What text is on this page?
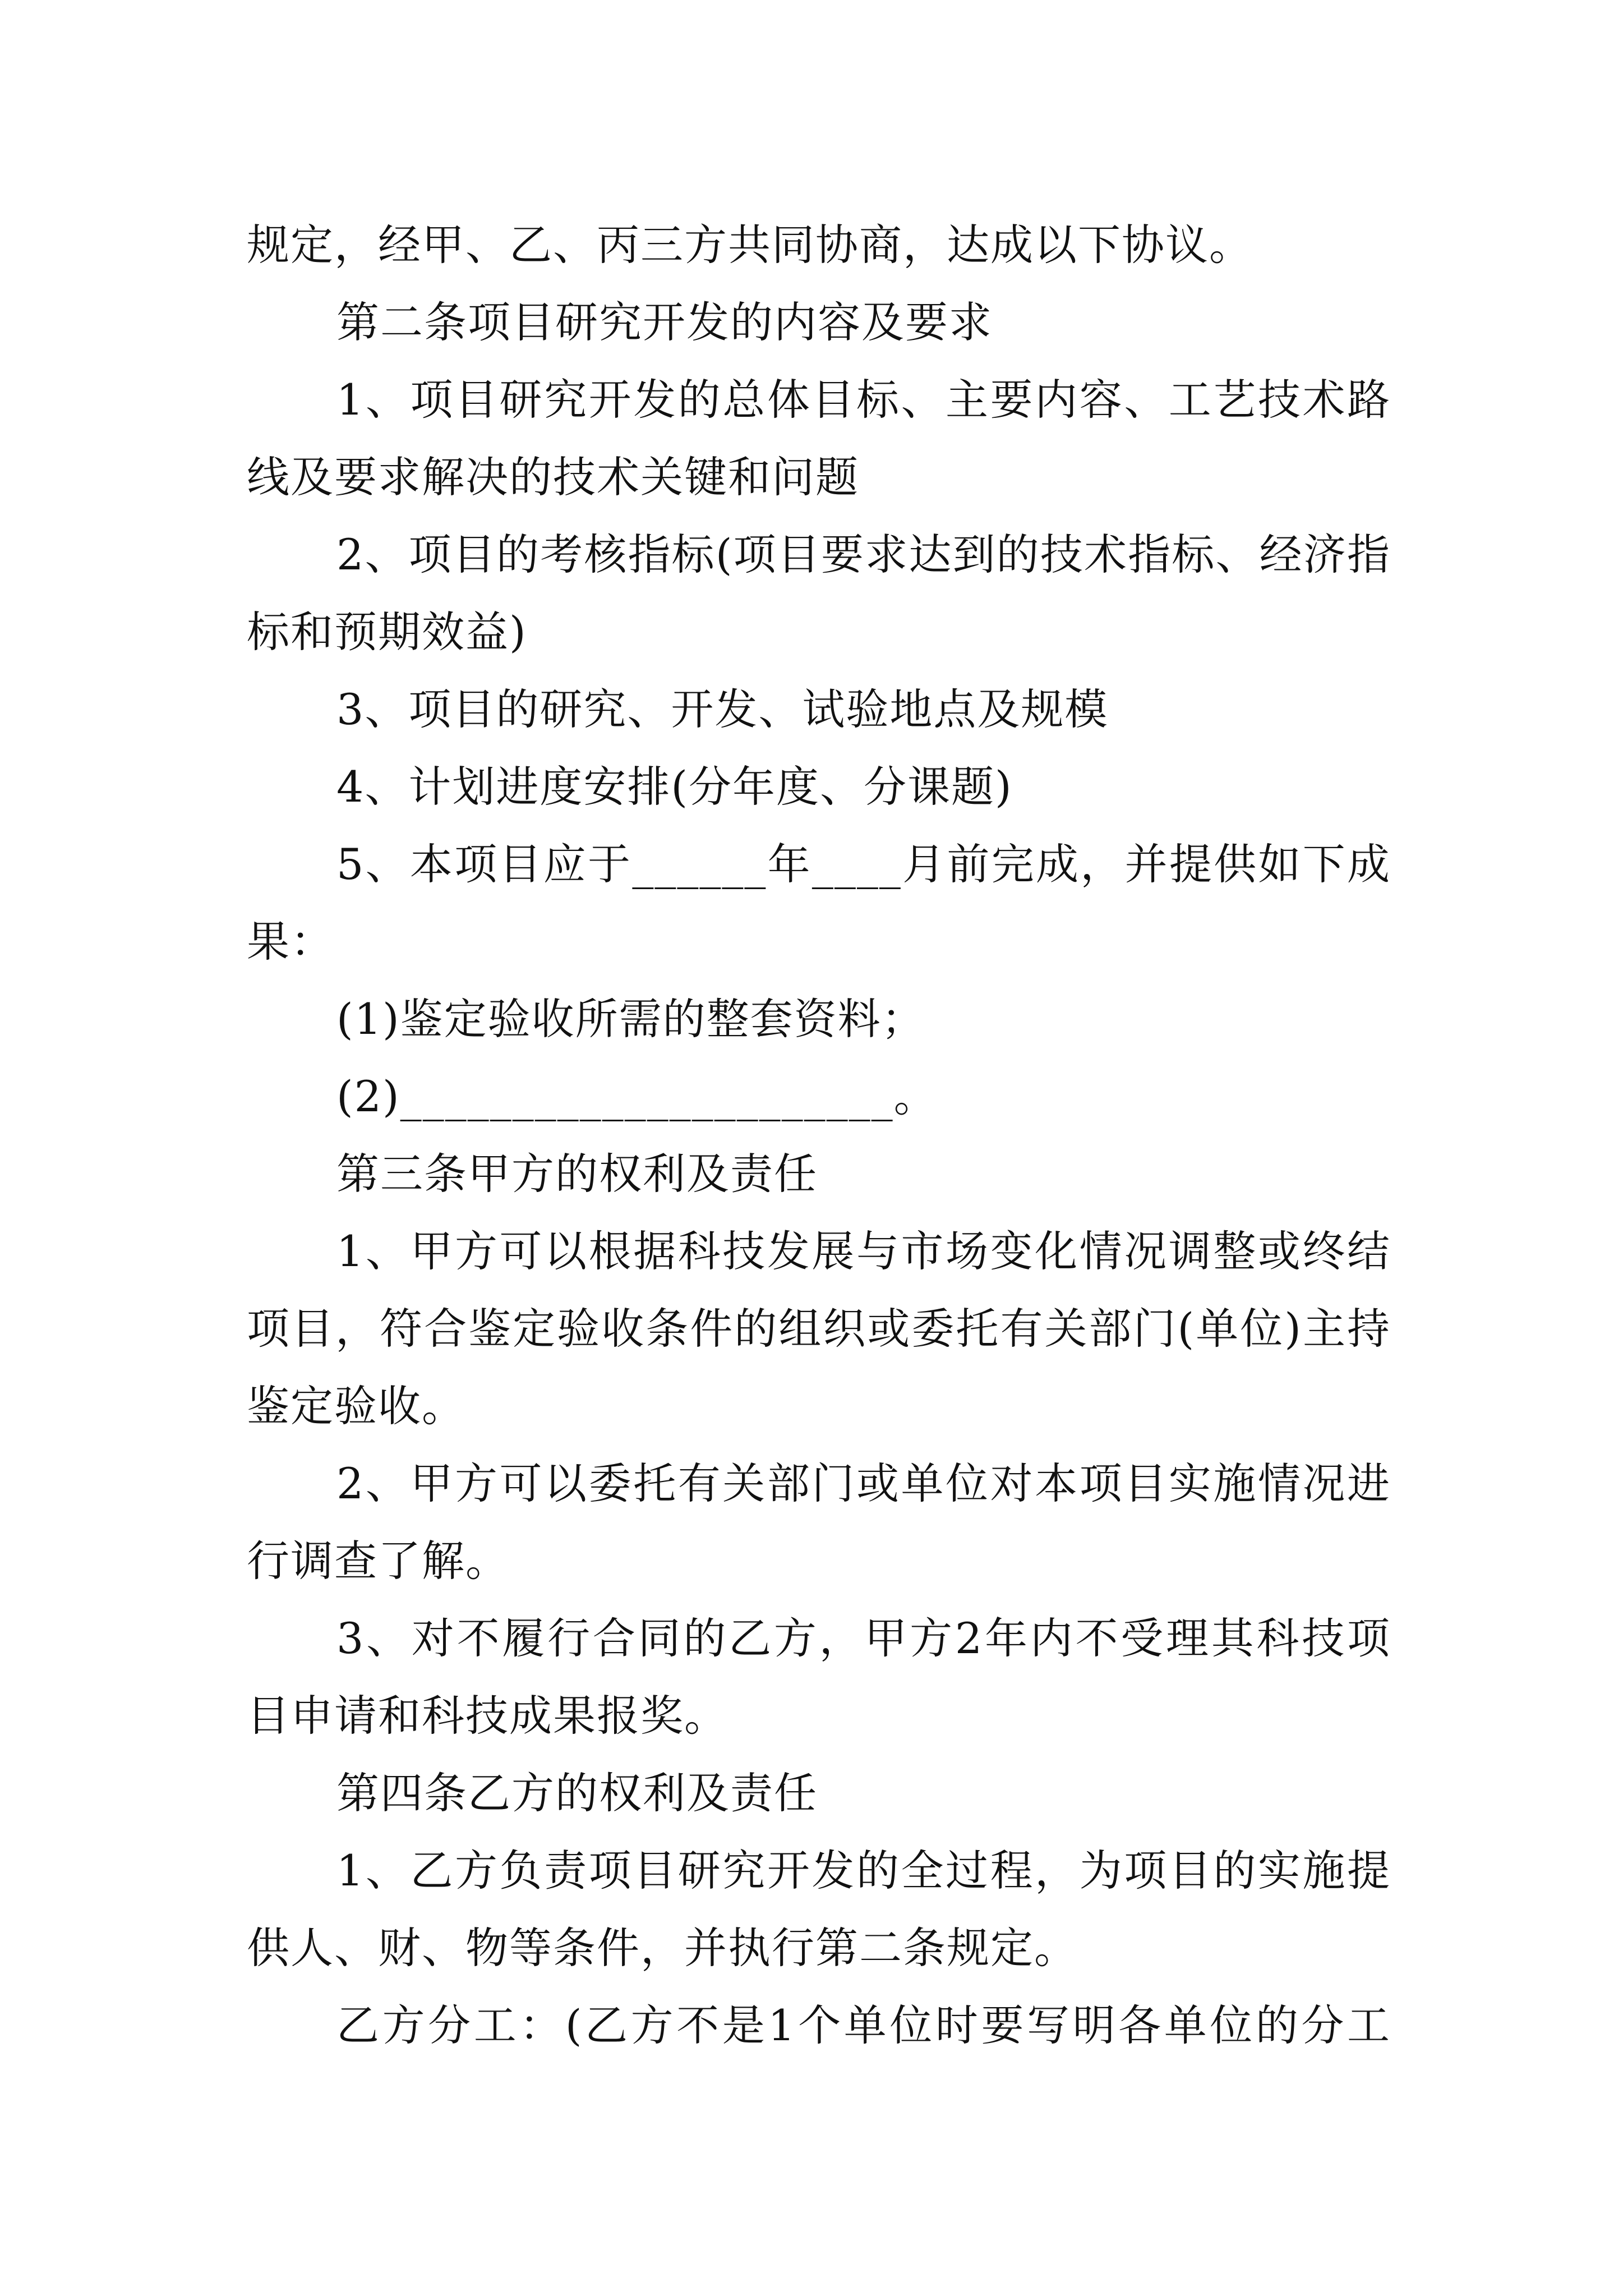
规定，经甲、乙、丙三方共同协商，达成以下协议。
第二条项目研究开发的内容及要求
1、项目研究开发的总体目标、主要内容、工艺技术路
线及要求解决的技术关键和问题
2、项目的考核指标(项目要求达到的技术指标、经济指
标和预期效益)
3、项目的研究、开发、试验地点及规模
4、计划进度安排(分年度、分课题)
5、本项目应于______年____月前完成，并提供如下成
果：
(1)鉴定验收所需的整套资料；
(2)______________________。
第三条甲方的权利及责任
1、甲方可以根据科技发展与市场变化情况调整或终结
项目，符合鉴定验收条件的组织或委托有关部门(单位)主持
鉴定验收。
2、甲方可以委托有关部门或单位对本项目实施情况进
行调查了解。
3、对不履行合同的乙方，甲方2年内不受理其科技项
目申请和科技成果报奖。
第四条乙方的权利及责任
1、乙方负责项目研究开发的全过程，为项目的实施提
供人、财、物等条件，并执行第二条规定。
乙方分工：(乙方不是1个单位时要写明各单位的分工
